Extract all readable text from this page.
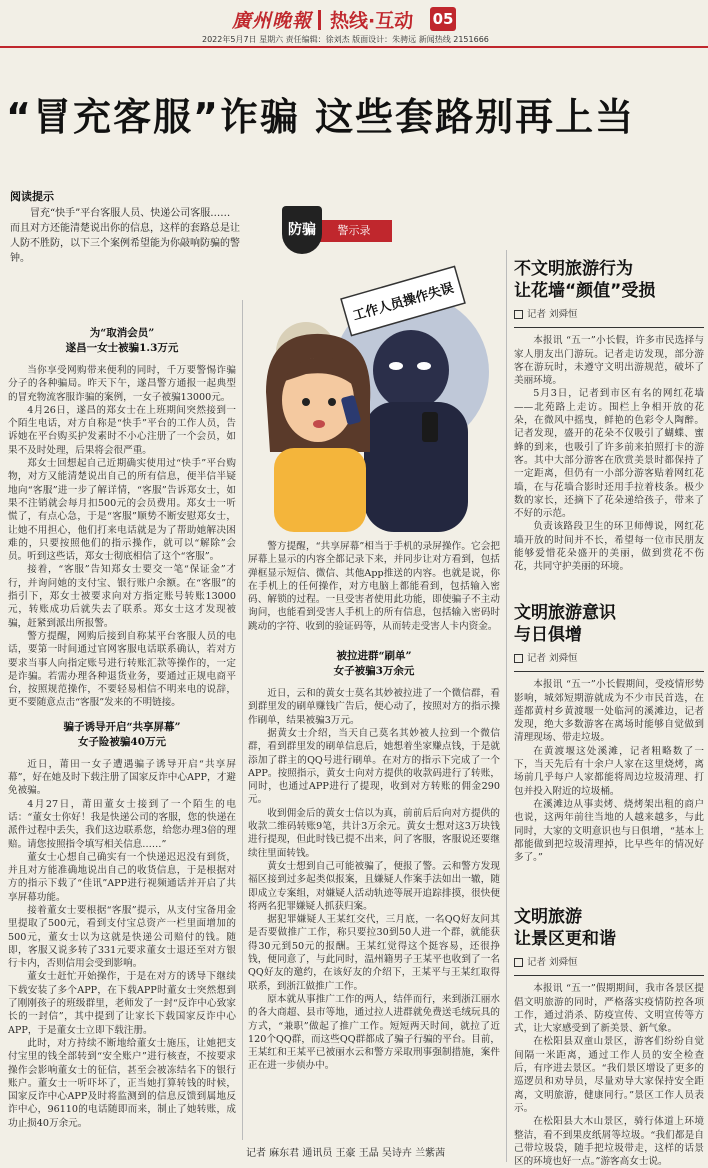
廣州晚報 热线·互动 05
2022年5月7日 星期六 责任编辑：徐刘杰 版面设计：朱骋远 新闻热线 2151666
“冒充客服”诈骗 这些套路别再上当
阅读提示
冒充“快手”平台客服人员、快递公司客服……而且对方还能清楚说出你的信息，这样的套路总是让人防不胜防，以下三个案例希望能为你敲响防骗的警钟。
警示录
防骗
工作人员操作失误
为“取消会员”
遂昌一女士被骗1.3万元

当你享受网购带来便利的同时，千万要警惕诈骗分子的各种骗局。昨天下午，遂昌警方通报一起典型的冒充物流客服诈骗的案例，一女子被骗13000元。

4月26日，遂昌的郑女士在上班期间突然接到一个陌生电话，对方自称是“快手”平台的工作人员，告诉她在平台购买护发素时不小心注册了一个会员，如果不及时处理，后果将会很严重。

郑女士回想起自己近期确实使用过“快手”平台购物，对方又能清楚说出自己的所有信息，便半信半疑地向“客服”进一步了解详情，“客服”告诉郑女士，如果不注销就会每月扣500元的会员费用。郑女士一听慌了，有点心急，于是“客服”顺势不断安慰郑女士，让她不用担心，他们打来电话就是为了帮助她解决困难的，只要按照他们的指示操作，就可以“解除”会员。听到这些话，郑女士彻底相信了这个“客服”。

接着，“客服”告知郑女士要交一笔“保证金”才行，并询问她的支付宝、银行账户余额。在“客服”的指引下，郑女士被要求向对方指定账号转账13000元，转账成功后就失去了联系。郑女士这才发现被骗，赶紧到派出所报警。

警方提醒，网购后接到自称某平台客服人员的电话，要第一时间通过官网客服电话联系确认，若对方要求当事人向指定账号进行转账汇款等操作的，一定是诈骗。若需办理各种退货业务，要通过正规电商平台，按照规范操作，不要轻易相信不明来电的说辞，更不要随意点击“客服”发来的不明链接。

骗子诱导开启“共享屏幕”
女子险被骗40万元

近日，莆田一女子遭遇骗子诱导开启“共享屏幕”，好在她及时下载注册了国家反诈中心APP，才避免被骗。

4月27日，莆田董女士接到了一个陌生的电话：“董女士你好！我是快递公司的客服，您的快递在派件过程中丢失，我们这边联系您，给您办理3倍的理赔。请您按照指令填写相关信息……”

董女士心想自己确实有一个快递迟迟没有到货，并且对方能准确地说出自己的收货信息，于是根据对方的指示下载了“佳讯”APP进行视频通话并开启了共享屏幕功能。

接着董女士要根据“客服”提示，从支付宝备用金里提取了500元，看到支付宝总资产一栏里面增加的500元，董女士以为这就是快递公司赔付的钱。随即，客服又说多转了331元要求董女士退还至对方银行卡内，否则信用会受到影响。

董女士赶忙开始操作，于是在对方的诱导下继续下载安装了多个APP，在下载APP时董女士突然想到了刚刚孩子的班级群里，老师发了一封“反诈中心致家长的一封信”，其中提到了让家长下载国家反诈中心APP，于是董女士立即下载注册。

此时，对方持续不断地给董女士施压，让她把支付宝里的钱全部转到“安全账户”进行核查，不按要求操作会影响董女士的征信，甚至会被冻结名下的银行账户。董女士一听吓坏了，正当她打算转钱的时候，国家反诈中心APP及时将监测到的信息反馈到属地反诈中心，96110的电话随即而来，制止了她转账，成功止损40万余元。

警方提醒，“共享屏幕”相当于手机的录屏操作。它会把屏幕上显示的内容全都记录下来，并同步让对方看到，包括弹框显示短信、微信、其他App推送的内容。也就是说，你在手机上的任何操作，对方电脑上都能看到，包括输入密码、解锁的过程。一旦受害者使用此功能，即使骗子不主动询问，也能看到受害人手机上的所有信息，包括输入密码时跳动的字符、收到的验证码等，从而转走受害人卡内资金。

被拉进群“刷单”
女子被骗3万余元

近日，云和的黄女士莫名其妙被拉进了一个微信群，看到群里发的刷单赚钱广告后，便心动了，按照对方的指示操作刷单，结果被骗3万元。

据黄女士介绍，当天自己莫名其妙被人拉到一个微信群，看到群里发的刷单信息后，她想着坐家赚点钱，于是就添加了群主的QQ号进行刷单。在对方的指示下完成了一个APP。按照指示，黄女士向对方提供的收款码进行了转账，同时，也通过APP进行了提现，收到对方转账的佣金290元。

收到佣金后的黄女士信以为真，前前后后向对方提供的收款二维码转账9笔，共计3万余元。黄女士想对这3万块钱进行提现，但此时钱已提不出来，问了客服，客服说还要继续往里面转钱。

黄女士想到自己可能被骗了，便报了警。云和警方发现福区接到过多起类似报案，且嫌疑人作案手法如出一辙，随即成立专案组，对嫌疑人活动轨迹等展开追踪排摸，很快便将两名犯罪嫌疑人抓获归案。

据犯罪嫌疑人王某红交代，三月底，一名QQ好友问其是否要做推广工作，称只要拉30到50人进一个群，就能获得30元到50元的报酬。王某红觉得这个挺容易，还很挣钱，便同意了，与此同时，温州籍男子王某平也收到了一名QQ好友的邀约，在该好友的介绍下，王某平与王某红取得联系，到浙江做推广工作。

原本就从事推广工作的两人，结伴而行，来到浙江丽水的各大商超、县市等地，通过拉人进群就免费送毛绒玩具的方式，“兼职”做起了推广工作。短短两天时间，就拉了近120个QQ群，而这些QQ群都成了骗子行骗的平台。目前，王某红和王某平已被丽水云和警方采取刑事强制措施，案件正在进一步侦办中。

记者 麻东君 通讯员 王豪 王晶 吴诗卉 兰紫茜
不文明旅游行为
让花墙“颜值”受损
记者 刘舜恒

本报讯 “五一”小长假，许多市民选择与家人朋友出门游玩。记者走访发现，部分游客在游玩时，未遵守文明出游规范，破坏了美丽环境。

5月3日，记者到市区有名的网红花墙——北苑路上走访。围栏上争相开放的花朵，在微风中摇曳，鲜艳的色彩令人陶醉。记者发现，盛开的花朵不仅吸引了蝴蝶、蜜蜂的到来，也吸引了许多前来拍照打卡的游客。其中大部分游客在欣赏美景时都保持了一定距离，但仍有一小部分游客贴着网红花墙，在与花墙合影时还用手拉着枝条。极少数的家长，还摘下了花朵递给孩子，带来了不好的示范。

负责该路段卫生的环卫师傅说，网红花墙开放的时间并不长，希望每一位市民朋友能够爱惜花朵盛开的美丽，做到赏花不伤花，共同守护美丽的环境。

文明旅游意识
与日俱增
记者 刘舜恒

本报讯 “五一”小长假期间，受疫情形势影响，城郊短期游就成为不少市民首选，在莲都黄村乡黄渡堰一处临河的溪滩边，记者发现，绝大多数游客在离场时能够自觉做到清理现场、带走垃圾。

在黄渡堰这处溪滩，记者粗略数了一下，当天先后有十余户人家在这里烧烤，离场前几乎每户人家都能将周边垃圾清理、打包并投入附近的垃圾桶。

在溪滩边从事卖烤、烧烤架出租的商户也说，这两年前往当地的人越来越多，与此同时，大家的文明意识也与日俱增，“基本上都能做到把垃圾清理掉，比早些年的情况好多了。”

文明旅游
让景区更和谐
记者 刘舜恒

本报讯 “五一”假期期间，我市各景区提倡文明旅游的同时，严格落实疫情防控各项工作，通过消杀、防疫宣传、文明宣传等方式，让大家感受到了新美景、新气象。

在松阳县双童山景区，游客们纷纷自觉间隔一米距离，通过工作人员的安全检查后，有序进去景区。“我们景区增设了更多的巡逻员和劝导员，尽量劝导大家保持安全距离，文明旅游，健康同行。”景区工作人员表示。

在松阳县大木山景区，骑行体道上环境整洁，看不到果皮纸屑等垃圾。“我们都是自己带垃圾袋，随手把垃圾带走，这样的话景区的环境也好一点。”游客高女士说。
